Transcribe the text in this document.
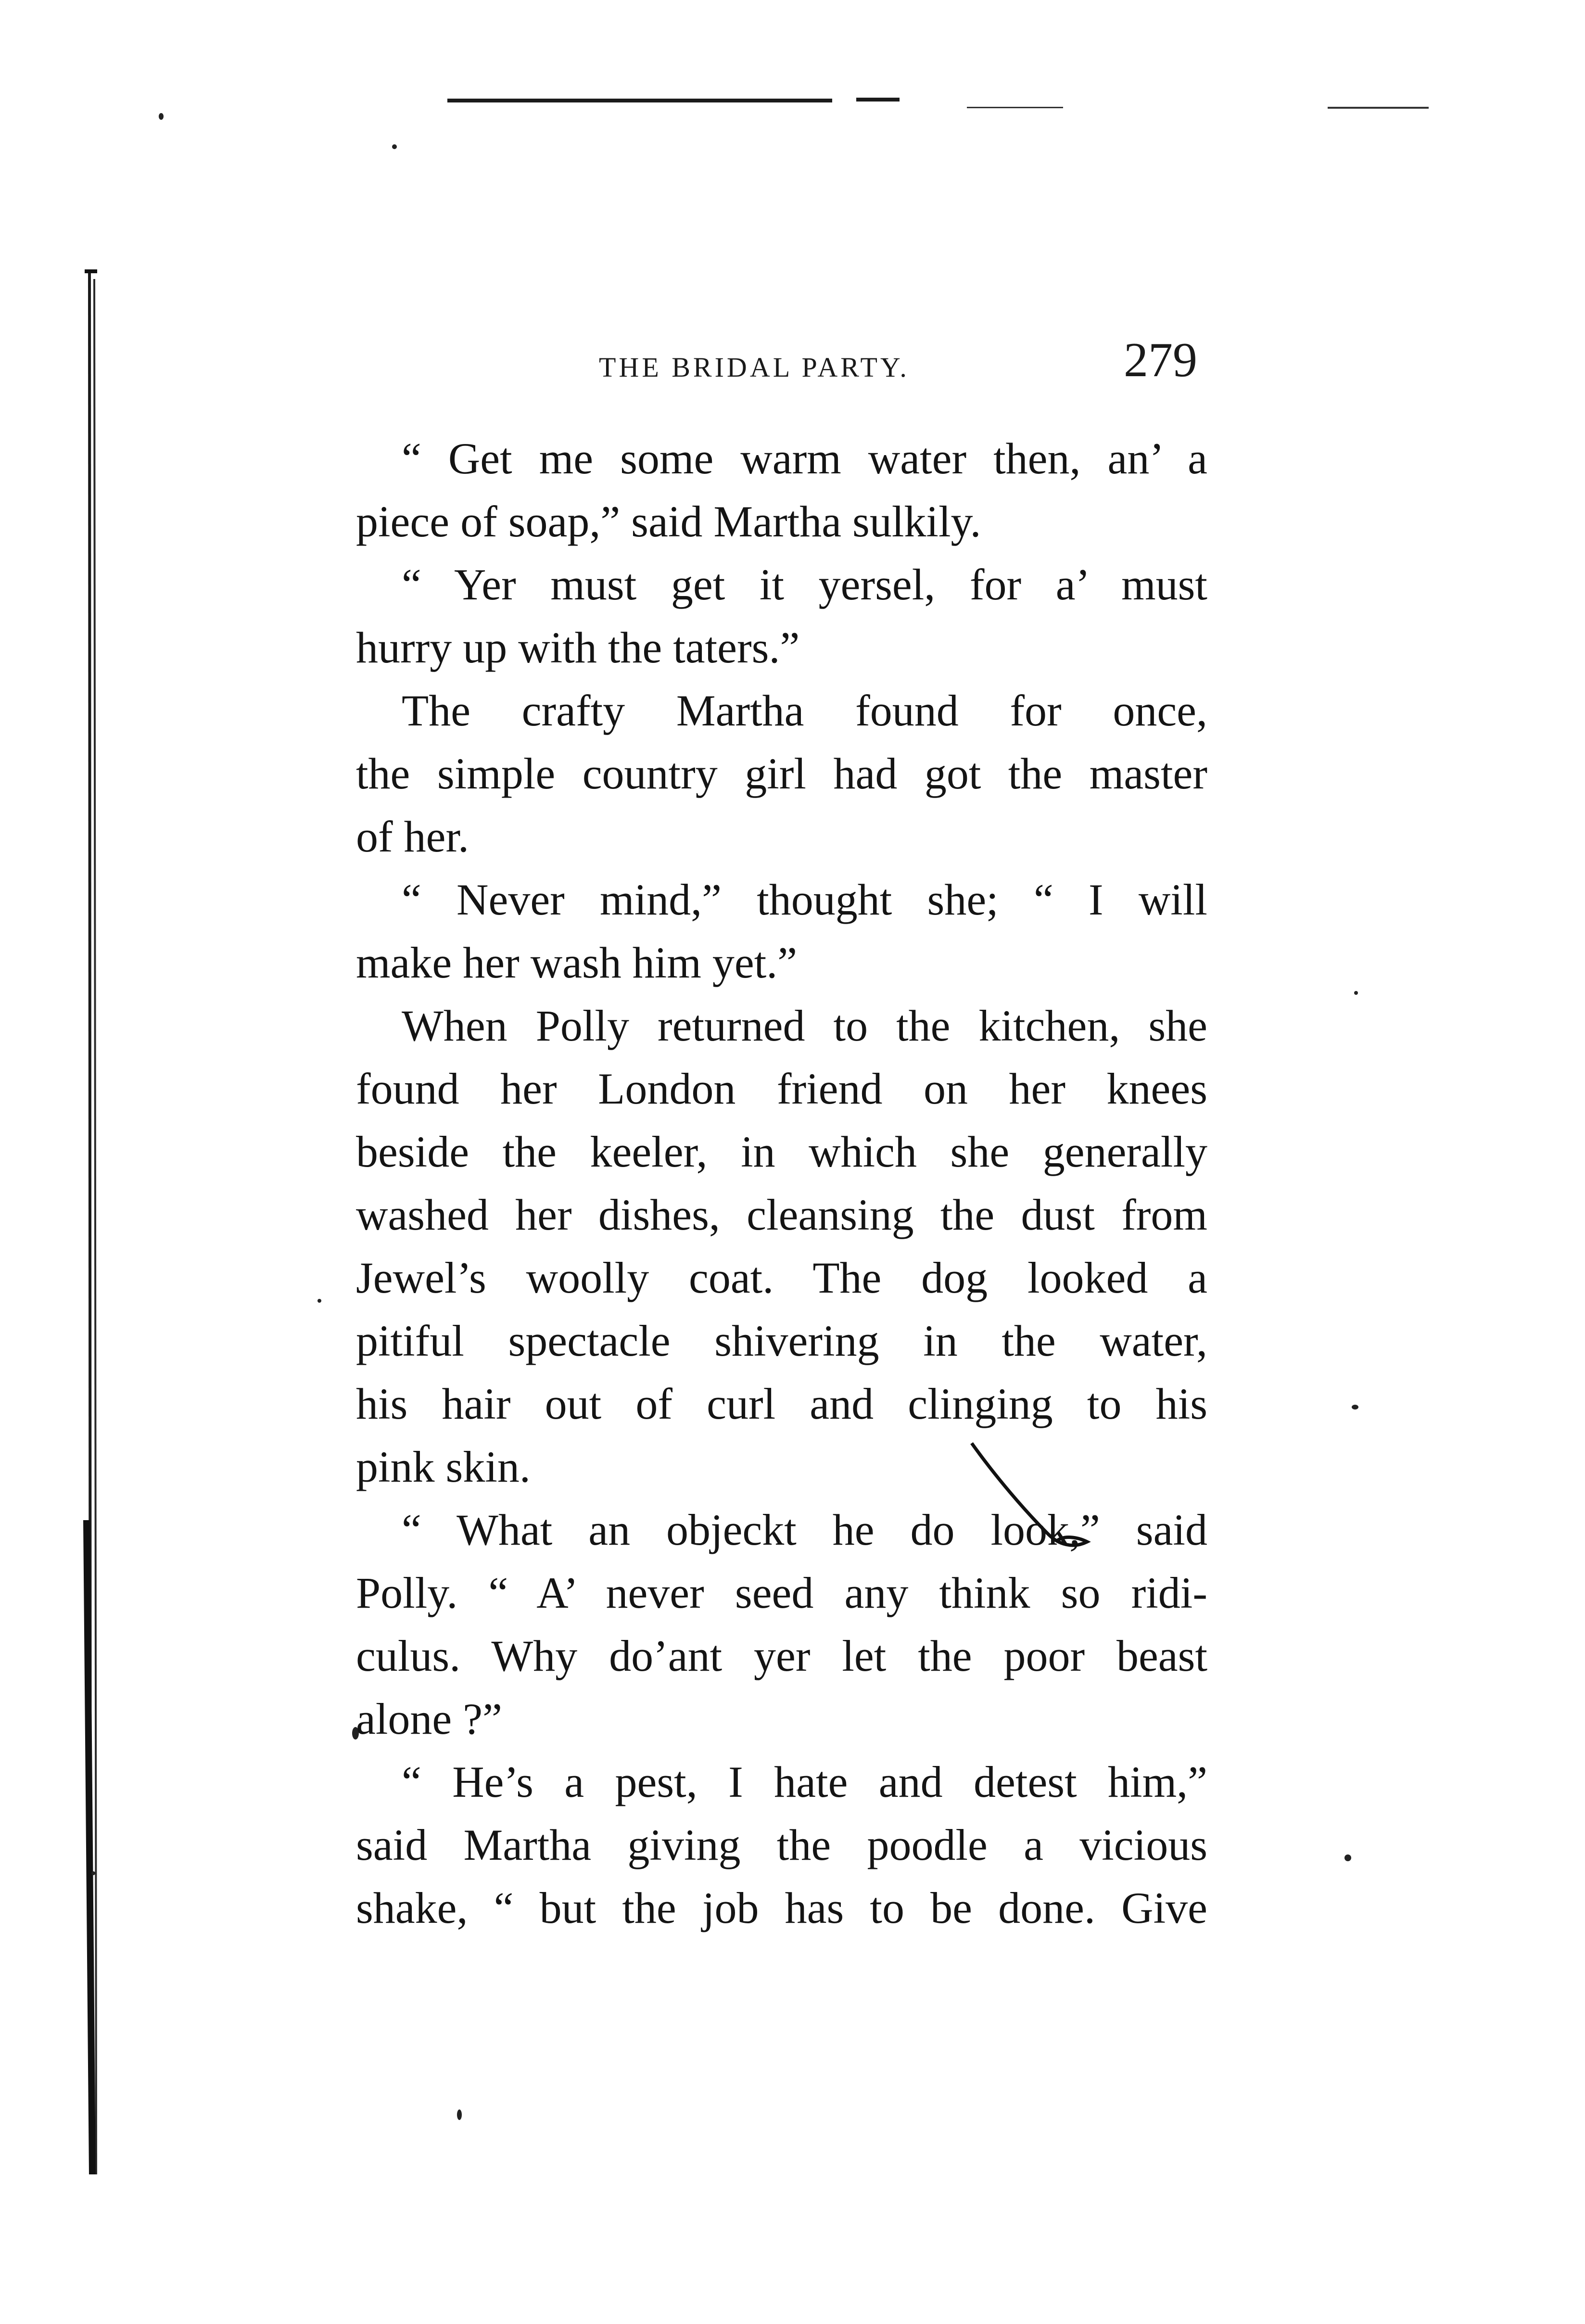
THE BRIDAL PARTY.	279
“ Get me some warm water then, an’ a
piece of soap,” said Martha sulkily.
“ Yer must get it yersel, for a’ must
hurry up with the taters.”
The crafty Martha found for once,
the simple country girl had got the master
of her.
“ Never mind,” thought she; “ I will
make her wash him yet.”
When Polly returned to the kitchen, she
found her London friend on her knees
beside the keeler, in which she generally
washed her dishes, cleansing the dust from
Jewel’s woolly coat. The dog looked a
pitiful spectacle shivering in the water,
his hair out of curl and clinging to his
pink skin.
“ What an objeckt he do look,” said
Polly. “ A’ never seed any think so ridi-
culus. Why do’ant yer let the poor beast
alone ?”
“ He’s a pest, I hate and detest him,”
said Martha giving the poodle a vicious
shake, “ but the job has to be done. Give
